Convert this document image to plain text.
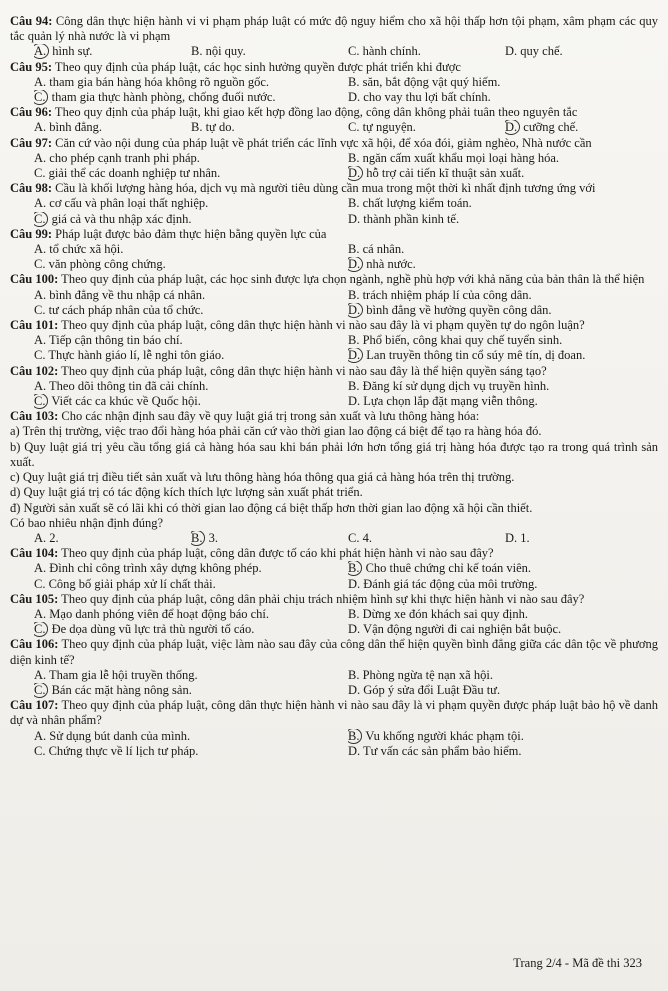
Câu 94: Công dân thực hiện hành vi vi phạm pháp luật có mức độ nguy hiểm cho xã hội thấp hơn tội phạm, xâm phạm các quy tắc quản lý nhà nước là vi phạm
A. hình sự.	B. nội quy.	C. hành chính.	D. quy chế.
Câu 95: Theo quy định của pháp luật, các học sinh hưởng quyền được phát triển khi được
A. tham gia bán hàng hóa không rõ nguồn gốc.	B. săn, bắt động vật quý hiếm.
C. tham gia thực hành phòng, chống đuối nước.	D. cho vay thu lợi bất chính.
Câu 96: Theo quy định của pháp luật, khi giao kết hợp đồng lao động, công dân không phải tuân theo nguyên tắc
A. bình đẳng.	B. tự do.	C. tự nguyện.	D. cưỡng chế.
Câu 97: Căn cứ vào nội dung của pháp luật về phát triển các lĩnh vực xã hội, để xóa đói, giảm nghèo, Nhà nước cần
A. cho phép cạnh tranh phi pháp.	B. ngăn cấm xuất khẩu mọi loại hàng hóa.
C. giải thể các doanh nghiệp tư nhân.	D. hỗ trợ cải tiến kĩ thuật sản xuất.
Câu 98: Cầu là khối lượng hàng hóa, dịch vụ mà người tiêu dùng cần mua trong một thời kì nhất định tương ứng với
A. cơ cấu và phân loại thất nghiệp.	B. chất lượng kiểm toán.
C. giá cả và thu nhập xác định.	D. thành phần kinh tế.
Câu 99: Pháp luật được bảo đảm thực hiện bằng quyền lực của
A. tổ chức xã hội.	B. cá nhân.
C. văn phòng công chứng.	D. nhà nước.
Câu 100: Theo quy định của pháp luật, các học sinh được lựa chọn ngành, nghề phù hợp với khả năng của bản thân là thể hiện
A. bình đẳng về thu nhập cá nhân.	B. trách nhiệm pháp lí của công dân.
C. tư cách pháp nhân của tổ chức.	D. bình đẳng về hưởng quyền công dân.
Câu 101: Theo quy định của pháp luật, công dân thực hiện hành vi nào sau đây là vi phạm quyền tự do ngôn luận?
A. Tiếp cận thông tin báo chí.	B. Phổ biến, công khai quy chế tuyển sinh.
C. Thực hành giáo lí, lễ nghi tôn giáo.	D. Lan truyền thông tin cổ súy mê tín, dị đoan.
Câu 102: Theo quy định của pháp luật, công dân thực hiện hành vi nào sau đây là thể hiện quyền sáng tạo?
A. Theo dõi thông tin đã cải chính.	B. Đăng kí sử dụng dịch vụ truyền hình.
C. Viết các ca khúc về Quốc hội.	D. Lựa chọn lắp đặt mạng viễn thông.
Câu 103: Cho các nhận định sau đây về quy luật giá trị trong sản xuất và lưu thông hàng hóa:
a) Trên thị trường, việc trao đổi hàng hóa phải căn cứ vào thời gian lao động cá biệt để tạo ra hàng hóa đó.
b) Quy luật giá trị yêu cầu tổng giá cả hàng hóa sau khi bán phải lớn hơn tổng giá trị hàng hóa được tạo ra trong quá trình sản xuất.
c) Quy luật giá trị điều tiết sản xuất và lưu thông hàng hóa thông qua giá cả hàng hóa trên thị trường.
d) Quy luật giá trị có tác động kích thích lực lượng sản xuất phát triển.
đ) Người sản xuất sẽ có lãi khi có thời gian lao động cá biệt thấp hơn thời gian lao động xã hội cần thiết.
Có bao nhiêu nhận định đúng?
A. 2.	B. 3.	C. 4.	D. 1.
Câu 104: Theo quy định của pháp luật, công dân được tố cáo khi phát hiện hành vi nào sau đây?
A. Đình chỉ công trình xây dựng không phép.	B. Cho thuê chứng chỉ kế toán viên.
C. Công bố giải pháp xử lí chất thải.	D. Đánh giá tác động của môi trường.
Câu 105: Theo quy định của pháp luật, công dân phải chịu trách nhiệm hình sự khi thực hiện hành vi nào sau đây?
A. Mạo danh phóng viên để hoạt động báo chí.	B. Dừng xe đón khách sai quy định.
C. Đe dọa dùng vũ lực trả thù người tố cáo.	D. Vận động người đi cai nghiện bắt buộc.
Câu 106: Theo quy định của pháp luật, việc làm nào sau đây của công dân thể hiện quyền bình đẳng giữa các dân tộc về phương diện kinh tế?
A. Tham gia lễ hội truyền thống.	B. Phòng ngừa tệ nạn xã hội.
C. Bán các mặt hàng nông sản.	D. Góp ý sửa đổi Luật Đầu tư.
Câu 107: Theo quy định của pháp luật, công dân thực hiện hành vi nào sau đây là vi phạm quyền được pháp luật bảo hộ về danh dự và nhân phẩm?
A. Sử dụng bút danh của mình.	B. Vu khống người khác phạm tội.
C. Chứng thực về lí lịch tư pháp.	D. Tư vấn các sản phẩm bảo hiểm.
Trang 2/4 - Mã đề thi 323
